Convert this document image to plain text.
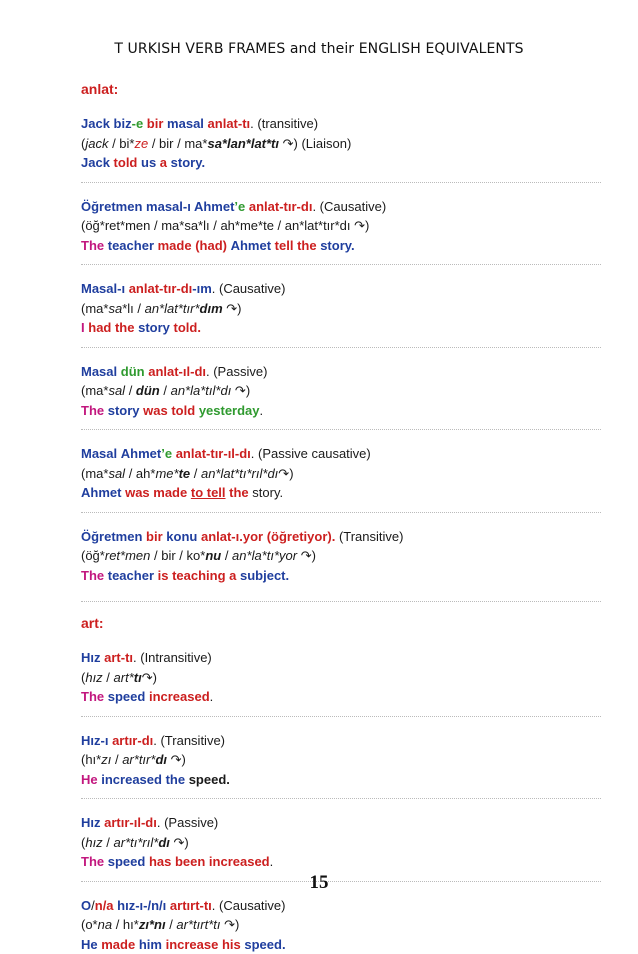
T URKISH VERB FRAMES and their ENGLISH EQUIVALENTS
anlat:
Jack biz-e bir masal anlat-tı. (transitive)
(jack / bi*ze / bir / ma*sa*lan*lat*tı ↷) (Liaison)
Jack told us a story.
Öğretmen masal-ı Ahmet’e anlat-tır-dı. (Causative)
(öğ*ret*men / ma*sa*lı / ah*me*te / an*lat*tır*dı ↷)
The teacher made (had) Ahmet tell the story.
Masal-ı anlat-tır-dı-ım. (Causative)
(ma*sa*lı / an*lat*tır*dım ↷)
I had the story told.
Masal dün anlat-ıl-dı. (Passive)
(ma*sal / dün / an*la*tıl*dı ↷)
The story was told yesterday.
Masal Ahmet’e anlat-tır-ıl-dı. (Passive causative)
(ma*sal / ah*me*te / an*lat*tı*rıl*dı↷)
Ahmet was made to tell the story.
Öğretmen bir konu anlat-ı.yor (öğretiyor). (Transitive)
(öğ*ret*men / bir / ko*nu / an*la*tı*yor ↷)
The teacher is teaching a subject.
art:
Hız art-tı. (Intransitive)
(hız / art*tı↷)
The speed increased.
Hız-ı artır-dı. (Transitive)
(hı*zı / ar*tır*dı ↷)
He increased the speed.
Hız artır-ıl-dı. (Passive)
(hız / ar*tı*rıl*dı ↷)
The speed has been increased.
O/n/a hız-ı-/n/ı artırt-tı. (Causative)
(o*na / hı*zı*nı / ar*tırt*tı ↷)
He made him increase his speed.
15
